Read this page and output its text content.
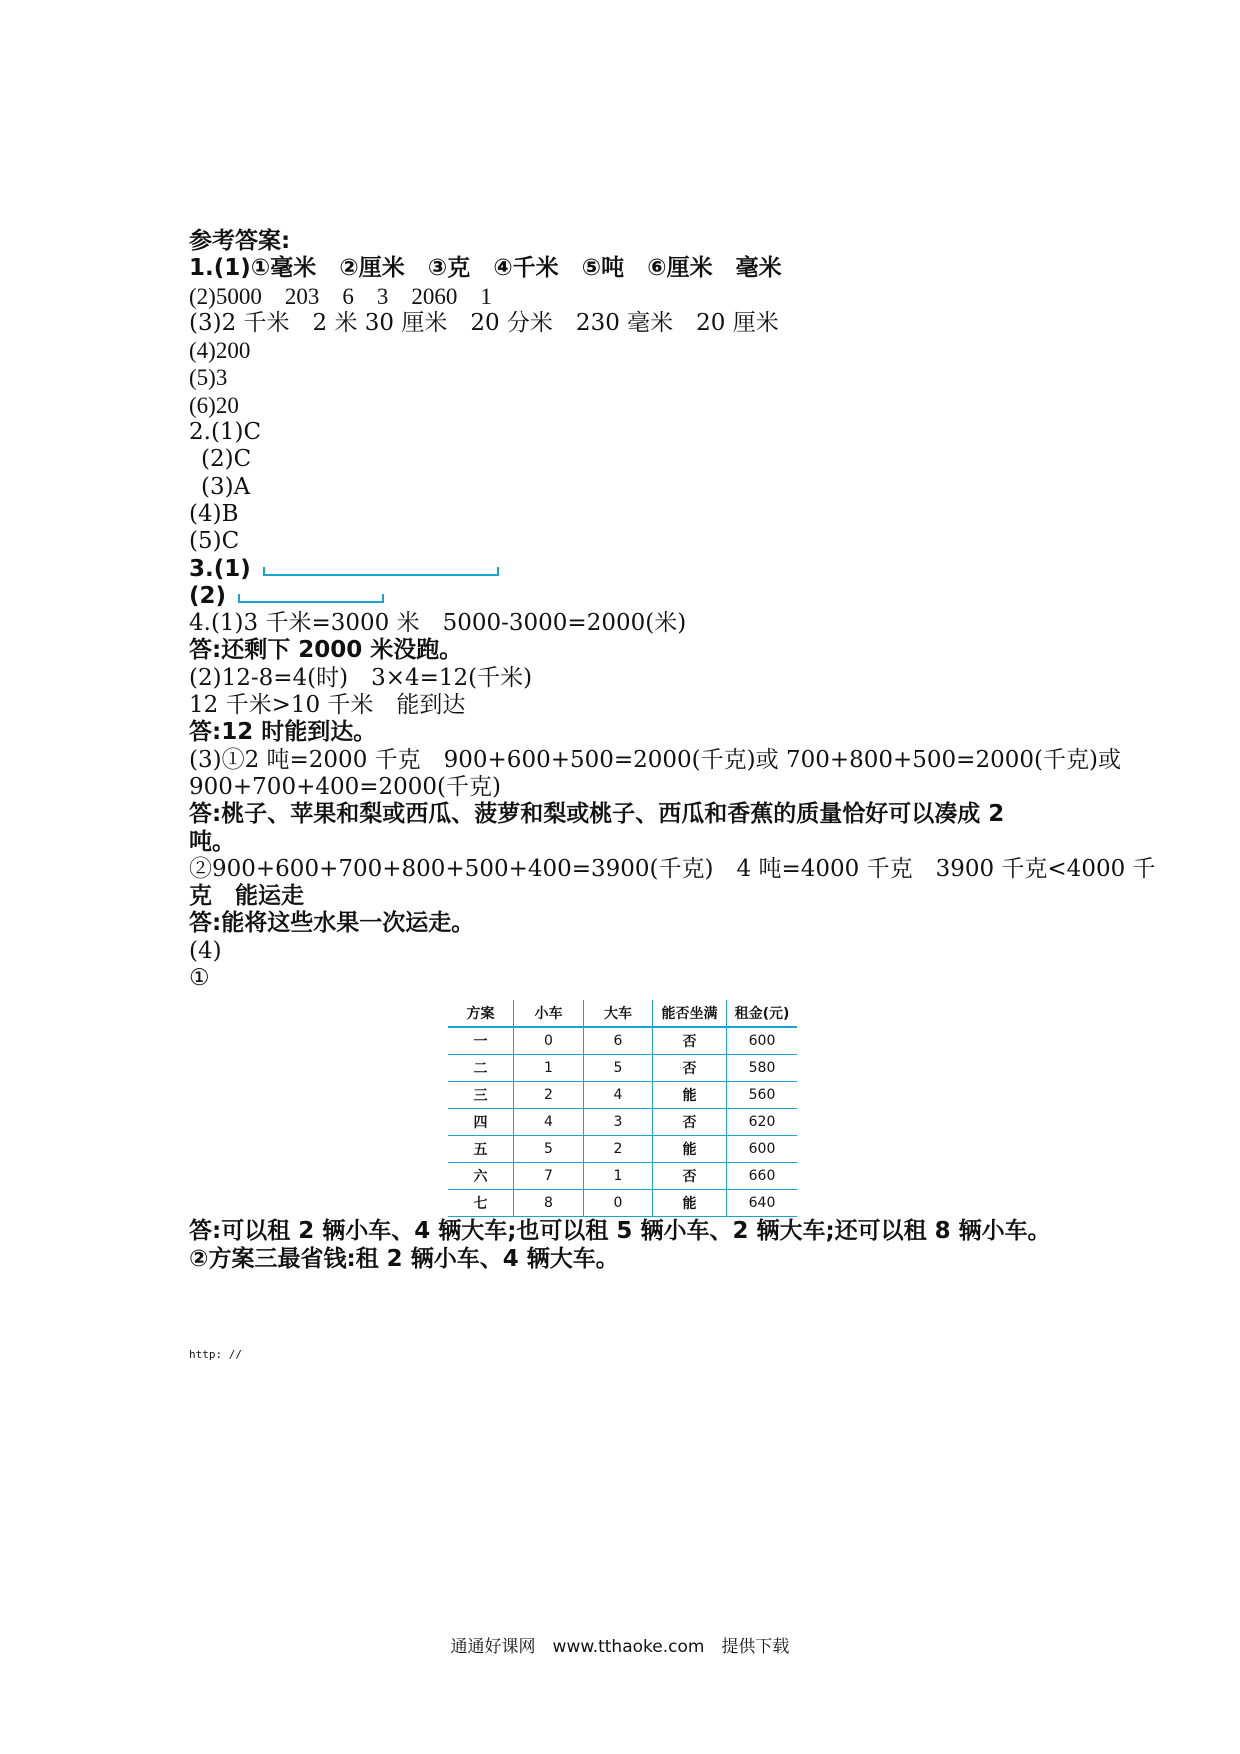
参考答案:
1.(1)①毫米　②厘米　③克　④千米　⑤吨　⑥厘米　毫米
(2)5000　203　6　3　2060　1
(3)2 千米　2 米 30 厘米　20 分米　230 毫米　20 厘米
(4)200
(5)3
(6)20
2.(1)C
(2)C
(3)A
(4)B
(5)C
3.(1)
(2)
4.(1)3 千米=3000 米　5000-3000=2000(米)
答:还剩下 2000 米没跑。
(2)12-8=4(时)　3×4=12(千米)
12 千米>10 千米　能到达
答:12 时能到达。
(3)①2 吨=2000 千克　900+600+500=2000(千克)或 700+800+500=2000(千克)或
900+700+400=2000(千克)
答:桃子、苹果和梨或西瓜、菠萝和梨或桃子、西瓜和香蕉的质量恰好可以凑成 2
吨。
②900+600+700+800+500+400=3900(千克)　4 吨=4000 千克　3900 千克<4000 千
克　能运走
答:能将这些水果一次运走。
(4)
①
答:可以租 2 辆小车、4 辆大车;也可以租 5 辆小车、2 辆大车;还可以租 8 辆小车。
②方案三最省钱:租 2 辆小车、4 辆大车。
方案	小车	大车	能否坐满	租金(元)
一	0	6	否	600
二	1	5	否	580
三	2	4	能	560
四	4	3	否	620
五	5	2	能	600
六	7	1	否	660
七	8	0	能	640
http: //
通通好课网　www.tthaoke.com　提供下载
